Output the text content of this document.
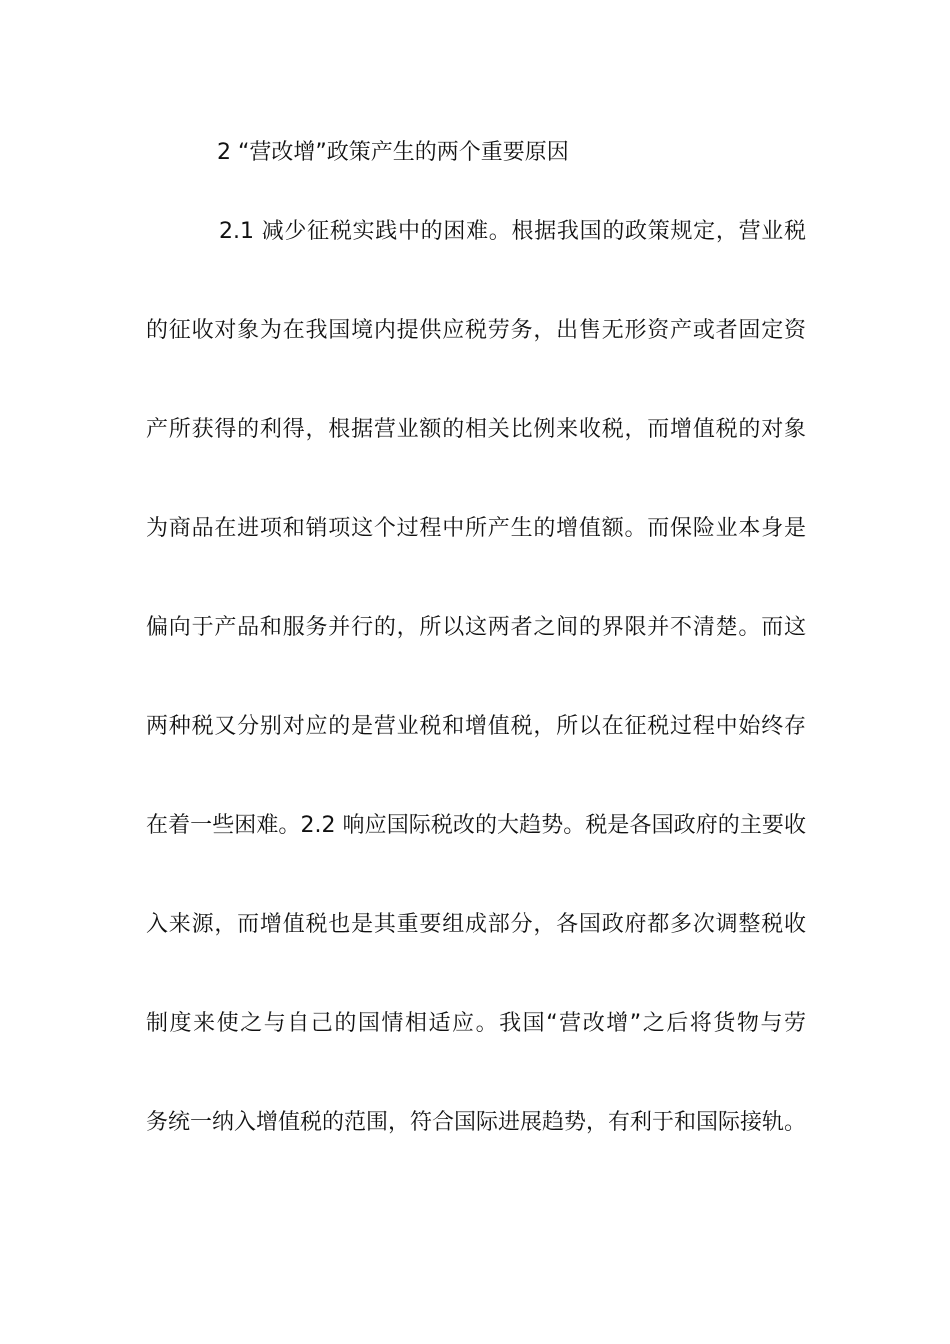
2 “营改增”政策产生的两个重要原因
2.1 减少征税实践中的困难。根据我国的政策规定，营业税
的征收对象为在我国境内提供应税劳务，出售无形资产或者固定资
产所获得的利得，根据营业额的相关比例来收税，而增值税的对象
为商品在进项和销项这个过程中所产生的增值额。而保险业本身是
偏向于产品和服务并行的，所以这两者之间的界限并不清楚。而这
两种税又分别对应的是营业税和增值税，所以在征税过程中始终存
在着一些困难。2.2 响应国际税改的大趋势。税是各国政府的主要收
入来源，而增值税也是其重要组成部分，各国政府都多次调整税收
制度来使之与自己的国情相适应。我国“营改增”之后将货物与劳
务统一纳入增值税的范围，符合国际进展趋势，有利于和国际接轨。
